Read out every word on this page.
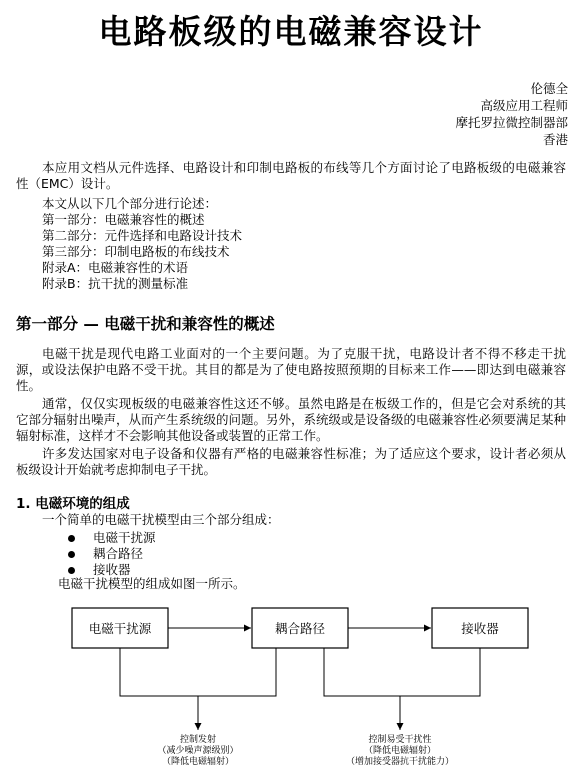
电路板级的电磁兼容设计
伦德全
高级应用工程师
摩托罗拉微控制器部
香港
本应用文档从元件选择、电路设计和印制电路板的布线等几个方面讨论了电路板级的电磁兼容性（EMC）设计。
本文从以下几个部分进行论述：
第一部分：电磁兼容性的概述
第二部分：元件选择和电路设计技术
第三部分：印制电路板的布线技术
附录A：电磁兼容性的术语
附录B：抗干扰的测量标准
第一部分 — 电磁干扰和兼容性的概述
电磁干扰是现代电路工业面对的一个主要问题。为了克服干扰，电路设计者不得不移走干扰源，或设法保护电路不受干扰。其目的都是为了使电路按照预期的目标来工作——即达到电磁兼容性。
通常，仅仅实现板级的电磁兼容性这还不够。虽然电路是在板级工作的，但是它会对系统的其它部分辐射出噪声，从而产生系统级的问题。另外，系统级或是设备级的电磁兼容性必须要满足某种辐射标准，这样才不会影响其他设备或装置的正常工作。
许多发达国家对电子设备和仪器有严格的电磁兼容性标准；为了适应这个要求，设计者必须从板级设计开始就考虑抑制电子干扰。
1. 电磁环境的组成
一个简单的电磁干扰模型由三个部分组成：
电磁干扰源
耦合路径
接收器
电磁干扰模型的组成如图一所示。
电磁干扰源	耦合路径	接收器
控制发射
（减少噪声源级别）
（降低电磁辐射）
控制易受干扰性
（降低电磁辐射）
（增加接受器抗干扰能力）
